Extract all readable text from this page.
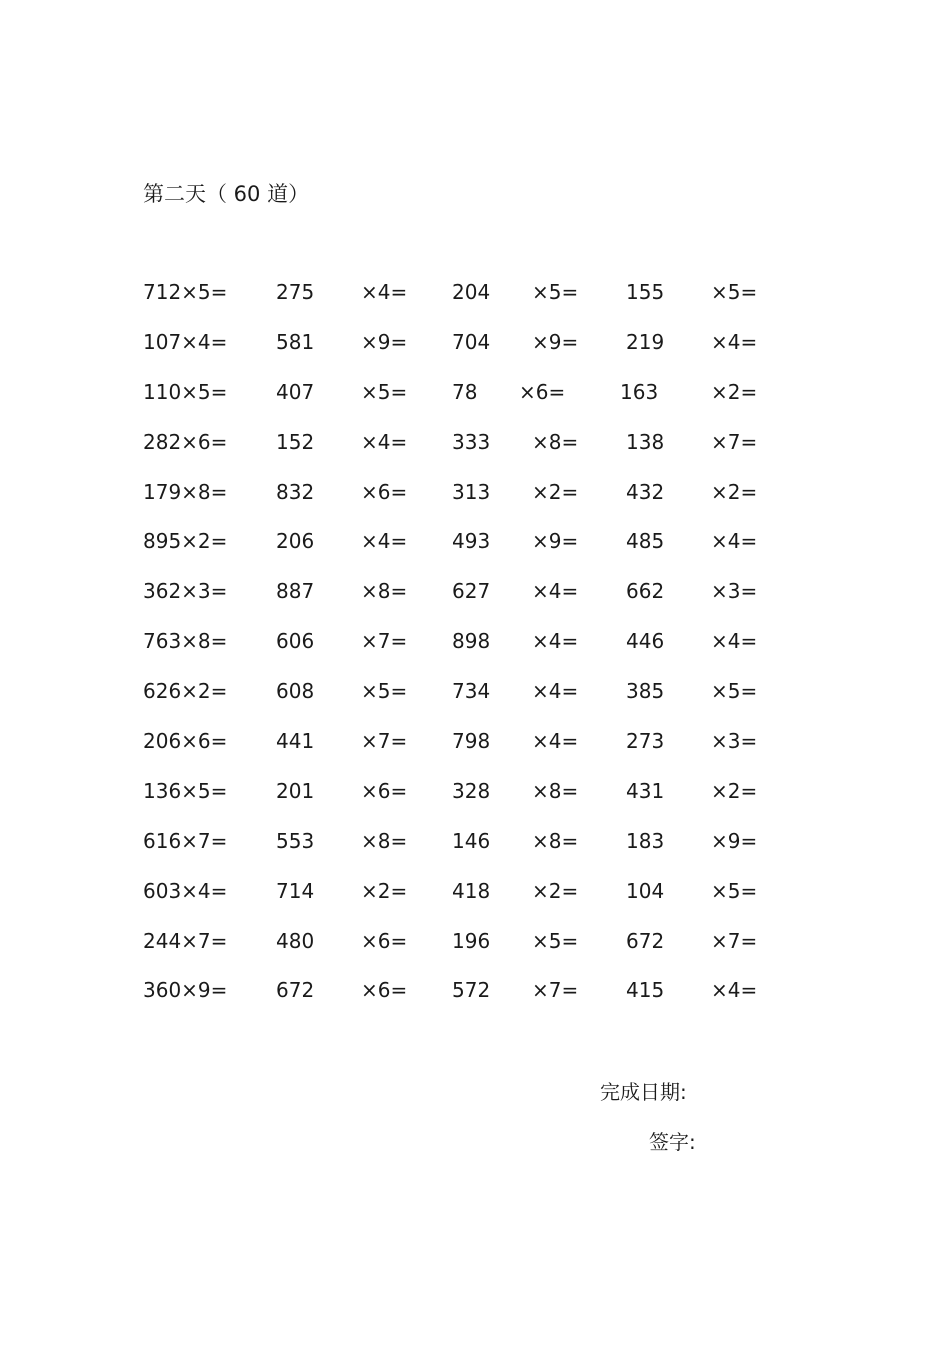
第二天（ 60 道）
712×5= 275 ×4= 204 ×5= 155 ×5=
107×4= 581 ×9= 704 ×9= 219 ×4=
110×5= 407 ×5= 78 ×6=	163	×2=
282×6= 152 ×4= 333 ×8= 138 ×7=
179×8= 832 ×6= 313 ×2= 432 ×2=
895×2= 206 ×4= 493 ×9= 485 ×4=
362×3= 887 ×8= 627 ×4= 662 ×3=
763×8= 606 ×7= 898 ×4= 446 ×4=
626×2= 608 ×5= 734 ×4= 385 ×5=
206×6= 441 ×7= 798 ×4= 273 ×3=
136×5= 201 ×6= 328 ×8= 431 ×2=
616×7= 553 ×8= 146 ×8= 183 ×9=
603×4= 714 ×2= 418 ×2= 104 ×5=
244×7= 480 ×6= 196 ×5= 672 ×7=
360×9= 672 ×6= 572 ×7= 415 ×4=
完成日期:
签字:
